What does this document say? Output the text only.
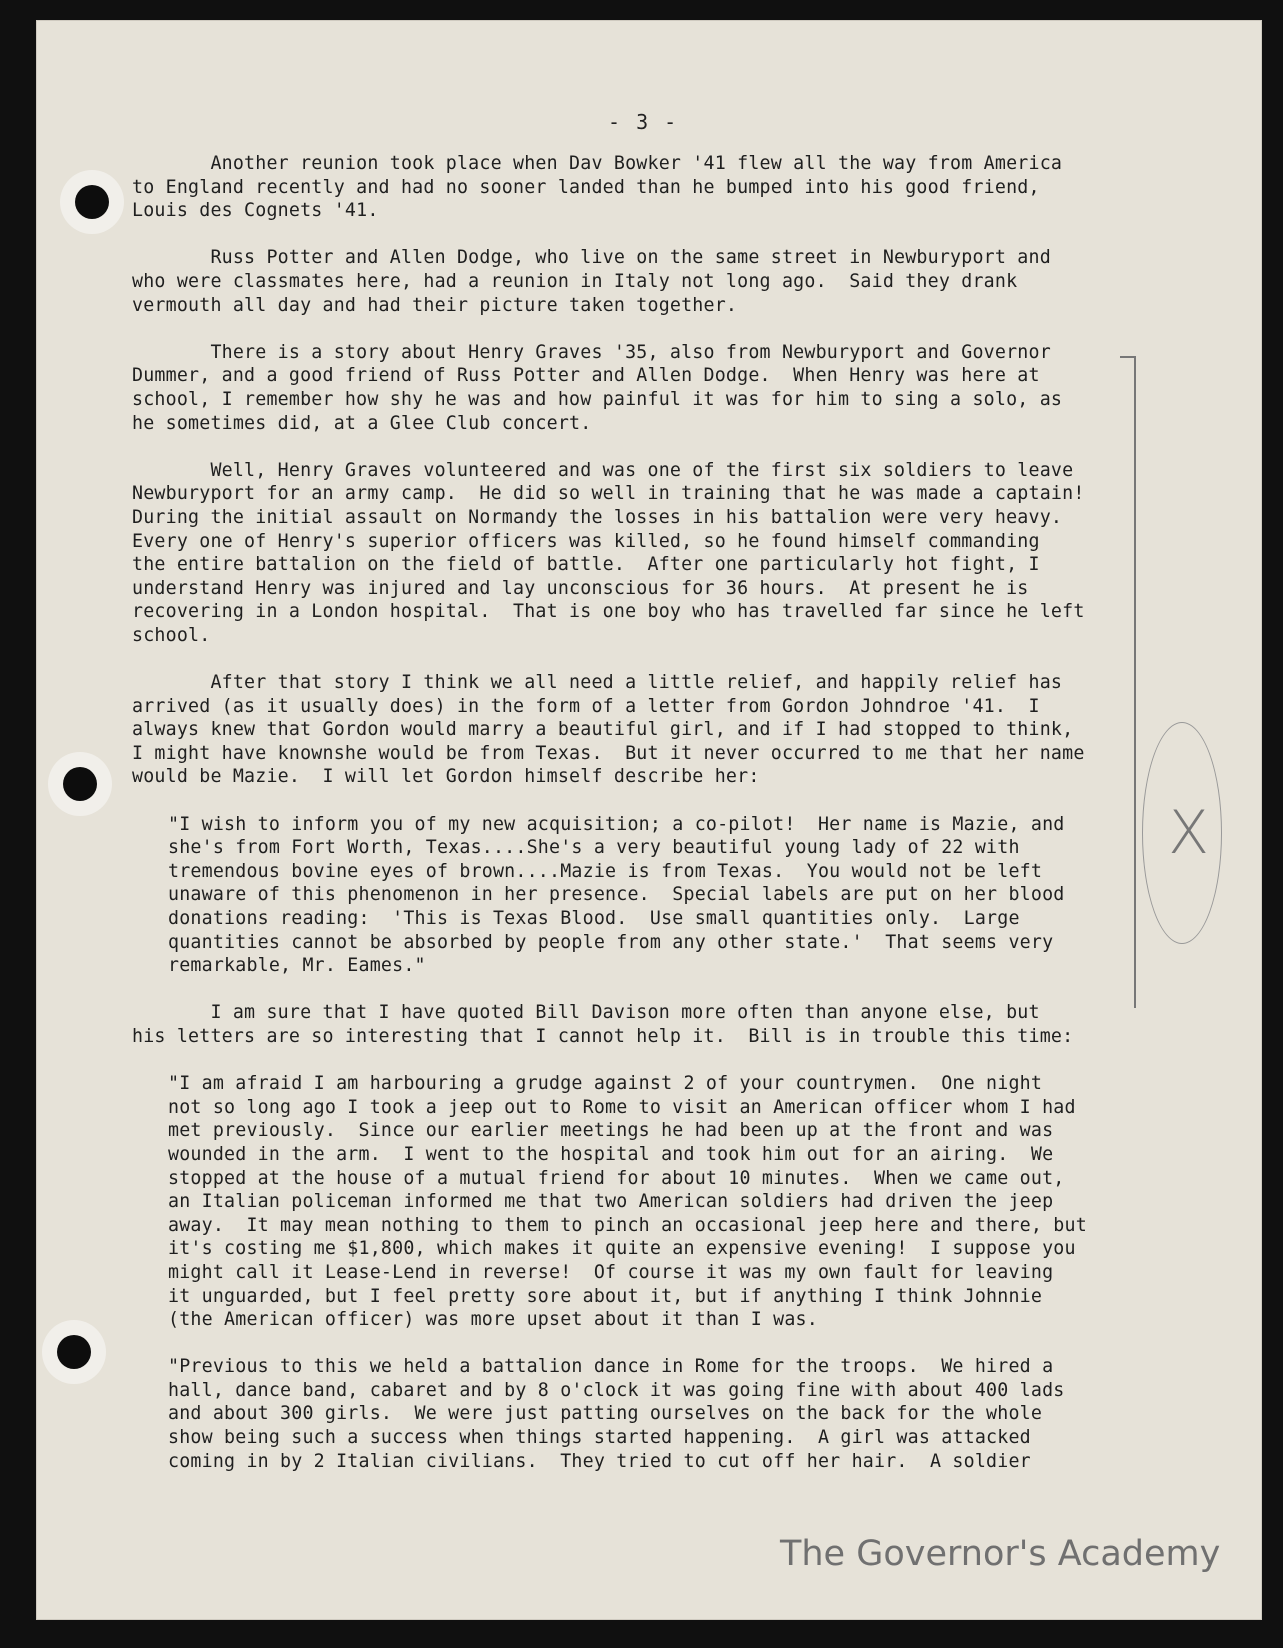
- 3 -
Another reunion took place when Dav Bowker '41 flew all the way from America
to England recently and had no sooner landed than he bumped into his good friend,
Louis des Cognets '41.
Russ Potter and Allen Dodge, who live on the same street in Newburyport and
who were classmates here, had a reunion in Italy not long ago.  Said they drank
vermouth all day and had their picture taken together.
There is a story about Henry Graves '35, also from Newburyport and Governor
Dummer, and a good friend of Russ Potter and Allen Dodge.  When Henry was here at
school, I remember how shy he was and how painful it was for him to sing a solo, as
he sometimes did, at a Glee Club concert.
Well, Henry Graves volunteered and was one of the first six soldiers to leave
Newburyport for an army camp.  He did so well in training that he was made a captain!
During the initial assault on Normandy the losses in his battalion were very heavy.
Every one of Henry's superior officers was killed, so he found himself commanding
the entire battalion on the field of battle.  After one particularly hot fight, I
understand Henry was injured and lay unconscious for 36 hours.  At present he is
recovering in a London hospital.  That is one boy who has travelled far since he left
school.
After that story I think we all need a little relief, and happily relief has
arrived (as it usually does) in the form of a letter from Gordon Johndroe '41.  I
always knew that Gordon would marry a beautiful girl, and if I had stopped to think,
I might have knownshe would be from Texas.  But it never occurred to me that her name
would be Mazie.  I will let Gordon himself describe her:
"I wish to inform you of my new acquisition; a co-pilot!  Her name is Mazie, and
she's from Fort Worth, Texas....She's a very beautiful young lady of 22 with
tremendous bovine eyes of brown....Mazie is from Texas.  You would not be left
unaware of this phenomenon in her presence.  Special labels are put on her blood
donations reading:  'This is Texas Blood.  Use small quantities only.  Large
quantities cannot be absorbed by people from any other state.'  That seems very
remarkable, Mr. Eames."
I am sure that I have quoted Bill Davison more often than anyone else, but
his letters are so interesting that I cannot help it.  Bill is in trouble this time:
"I am afraid I am harbouring a grudge against 2 of your countrymen.  One night
not so long ago I took a jeep out to Rome to visit an American officer whom I had
met previously.  Since our earlier meetings he had been up at the front and was
wounded in the arm.  I went to the hospital and took him out for an airing.  We
stopped at the house of a mutual friend for about 10 minutes.  When we came out,
an Italian policeman informed me that two American soldiers had driven the jeep
away.  It may mean nothing to them to pinch an occasional jeep here and there, but
it's costing me $1,800, which makes it quite an expensive evening!  I suppose you
might call it Lease-Lend in reverse!  Of course it was my own fault for leaving
it unguarded, but I feel pretty sore about it, but if anything I think Johnnie
(the American officer) was more upset about it than I was.
"Previous to this we held a battalion dance in Rome for the troops.  We hired a
hall, dance band, cabaret and by 8 o'clock it was going fine with about 400 lads
and about 300 girls.  We were just patting ourselves on the back for the whole
show being such a success when things started happening.  A girl was attacked
coming in by 2 Italian civilians.  They tried to cut off her hair.  A soldier
X
The Governor's Academy
